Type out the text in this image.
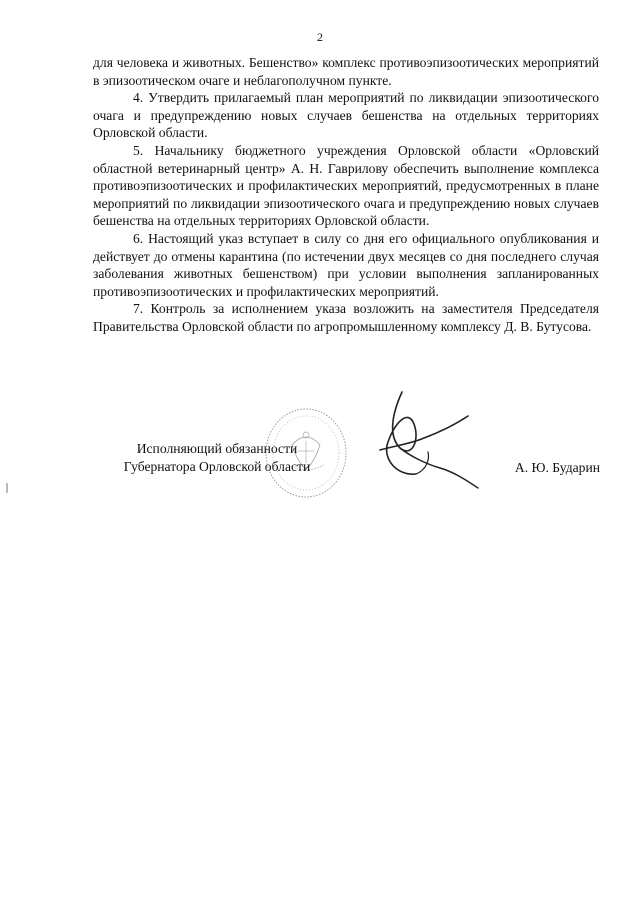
2

для человека и животных. Бешенство» комплекс противоэпизоотических мероприятий в эпизоотическом очаге и неблагополучном пункте.

4. Утвердить прилагаемый план мероприятий по ликвидации эпизоотического очага и предупреждению новых случаев бешенства на отдельных территориях Орловской области.

5. Начальнику бюджетного учреждения Орловской области «Орловский областной ветеринарный центр» А. Н. Гаврилову обеспечить выполнение комплекса противоэпизоотических и профилактических мероприятий, предусмотренных в плане мероприятий по ликвидации эпизоотического очага и предупреждению новых случаев бешенства на отдельных территориях Орловской области.

6. Настоящий указ вступает в силу со дня его официального опубликования и действует до отмены карантина (по истечении двух месяцев со дня последнего случая заболевания животных бешенством) при условии выполнения запланированных противоэпизоотических и профилактических мероприятий.

7. Контроль за исполнением указа возложить на заместителя Председателя Правительства Орловской области по агропромышленному комплексу Д. В. Бутусова.

Исполняющий обязанности
Губернатора Орловской области	А. Ю. Бударин
